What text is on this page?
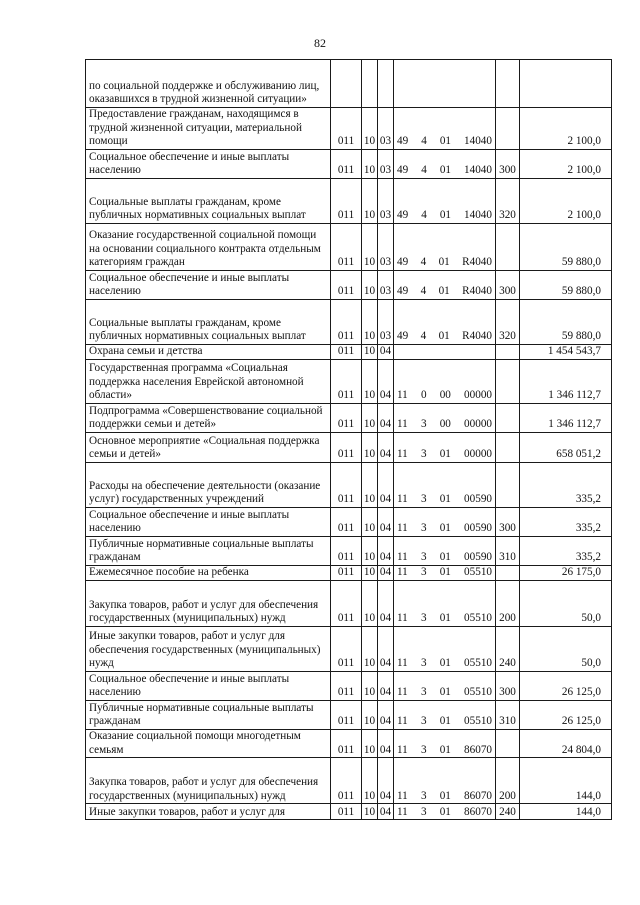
82
по социальной поддержке и обслуживанию лиц, оказавшихся в трудной жизненной ситуации»				

Предоставление гражданам, находящимся в трудной жизненной ситуации, материальной помощи	011	10	03	49 4 01 14040		2 100,0
Социальное обеспечение и иные выплаты населению	011	10	03	49 4 01 14040	300	2 100,0
Социальные выплаты гражданам, кроме публичных нормативных социальных выплат	011	10	03	49 4 01 14040	320	2 100,0
Оказание государственной социальной помощи на основании социального контракта отдельным категориям граждан	011	10	03	49 4 01 R4040		59 880,0
Социальное обеспечение и иные выплаты населению	011	10	03	49 4 01 R4040	300	59 880,0
Социальные выплаты гражданам, кроме публичных нормативных социальных выплат	011	10	03	49 4 01 R4040	320	59 880,0
Охрана семьи и детства	011	10	04			1 454 543,7
Государственная программа «Социальная поддержка населения Еврейской автономной области»	011	10	04	11 0 00 00000		1 346 112,7
Подпрограмма «Совершенствование социальной поддержки семьи и детей»	011	10	04	11 3 00 00000		1 346 112,7
Основное мероприятие «Социальная поддержка семьи и детей»	011	10	04	11 3 01 00000		658 051,2
Расходы на обеспечение деятельности (оказание услуг) государственных учреждений	011	10	04	11 3 01 00590		335,2
Социальное обеспечение и иные выплаты населению	011	10	04	11 3 01 00590	300	335,2
Публичные нормативные социальные выплаты гражданам	011	10	04	11 3 01 00590	310	335,2
Ежемесячное пособие на ребенка	011	10	04	11 3 01 05510		26 175,0
Закупка товаров, работ и услуг для обеспечения государственных (муниципальных) нужд	011	10	04	11 3 01 05510	200	50,0
Иные закупки товаров, работ и услуг для обеспечения государственных (муниципальных) нужд	011	10	04	11 3 01 05510	240	50,0
Социальное обеспечение и иные выплаты населению	011	10	04	11 3 01 05510	300	26 125,0
Публичные нормативные социальные выплаты гражданам	011	10	04	11 3 01 05510	310	26 125,0
Оказание социальной помощи многодетным семьям	011	10	04	11 3 01 86070		24 804,0
Закупка товаров, работ и услуг для обеспечения государственных (муниципальных) нужд	011	10	04	11 3 01 86070	200	144,0
Иные закупки товаров, работ и услуг для	011	10	04	11 3 01 86070	240	144,0
